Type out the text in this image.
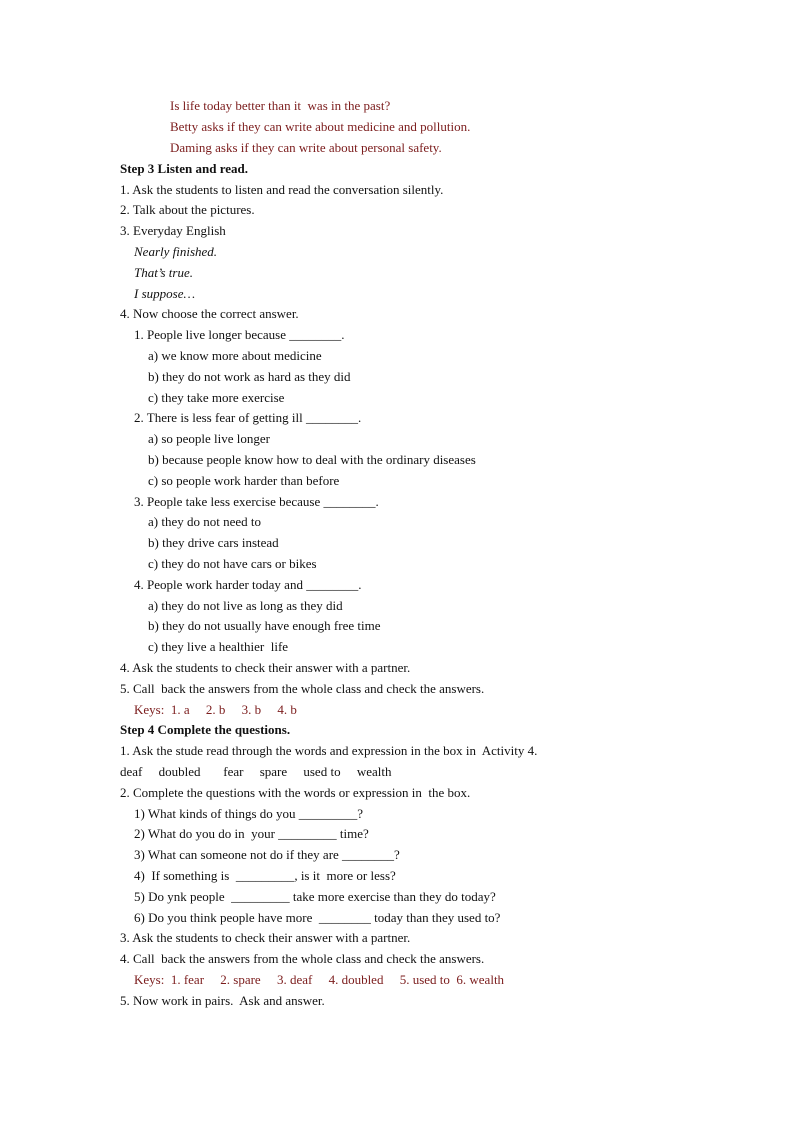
Is life today better than it  was in the past?
Betty asks if they can write about medicine and pollution.
Daming asks if they can write about personal safety.
Step 3 Listen and read.
1. Ask the students to listen and read the conversation silently.
2. Talk about the pictures.
3. Everyday English
Nearly finished.
That’s true.
I suppose…
4. Now choose the correct answer.
1. People live longer because ________.
a) we know more about medicine
b) they do not work as hard as they did
c) they take more exercise
2. There is less fear of getting ill ________.
a) so people live longer
b) because people know how to deal with the ordinary diseases
c) so people work harder than before
3. People take less exercise because ________.
a) they do not need to
b) they drive cars instead
c) they do not have cars or bikes
4. People work harder today and ________.
a) they do not live as long as they did
b) they do not usually have enough free time
c) they live a healthier  life
4. Ask the students to check their answer with a partner.
5. Call  back the answers from the whole class and check the answers.
Keys:  1. a     2. b     3. b     4. b
Step 4 Complete the questions.
1. Ask the stude read through the words and expression in the box in  Activity 4.
deaf     doubled       fear     spare     used to     wealth
2. Complete the questions with the words or expression in  the box.
1) What kinds of things do you _________?
2) What do you do in  your _________ time?
3) What can someone not do if they are ________?
4)  If something is  _________, is it  more or less?
5) Do ynk people  _________ take more exercise than they do today?
6) Do you think people have more  ________ today than they used to?
3. Ask the students to check their answer with a partner.
4. Call  back the answers from the whole class and check the answers.
Keys:  1. fear     2. spare     3. deaf     4. doubled     5. used to  6. wealth
5. Now work in pairs.  Ask and answer.
